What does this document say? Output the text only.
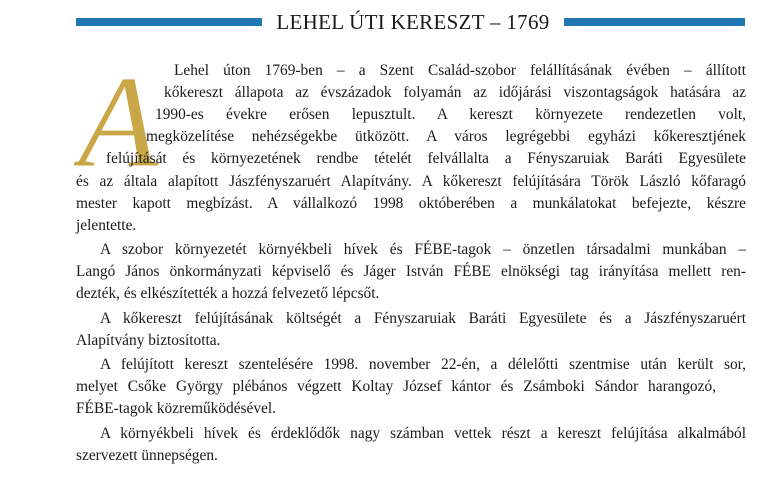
LEHEL ÚTI KERESZT – 1769
A Lehel úton 1769-ben – a Szent Család-szobor felállításának évében – állított
kőkereszt állapota az évszázadok folyamán az időjárási viszontagságok hatására az
1990-es évekre erősen lepusztult. A kereszt környezete rendezetlen volt,
megközelítése nehézségekbe ütközött. A város legrégebbi egyházi kőkeresztjének
felújítását és környezetének rendbe tételét felvállalta a Fényszaruiak Baráti Egyesülete
és az általa alapított Jászfényszaruért Alapítvány. A kőkereszt felújítására Török László kőfaragó
mester kapott megbízást. A vállalkozó 1998 októberében a munkálatokat befejezte, készre
jelentette.
A szobor környezetét környékbeli hívek és FÉBE-tagok – önzetlen társadalmi munkában –
Langó János önkormányzati képviselő és Jáger István FÉBE elnökségi tag irányítása mellett ren-
dezték, és elkészítették a hozzá felvezető lépcsőt.
A kőkereszt felújításának költségét a Fényszaruiak Baráti Egyesülete és a Jászfényszaruért
Alapítvány biztosította.
A felújított kereszt szentelésére 1998. november 22-én, a délelőtti szentmise után került sor,
melyet Csőke György plébános végzett Koltay József kántor és Zsámboki Sándor harangozó,
FÉBE-tagok közreműködésével.
A környékbeli hívek és érdeklődők nagy számban vettek részt a kereszt felújítása alkalmából
szervezett ünnepségen.
